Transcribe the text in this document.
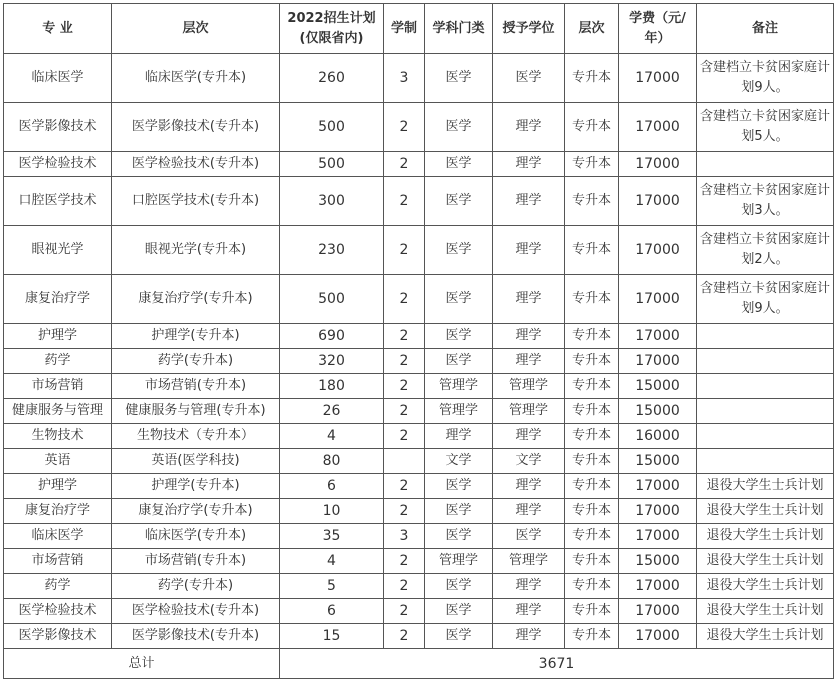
专 业	层次	2022招生计划(仅限省内)	学制	学科门类	授予学位	层次	学费（元/年）	备注
临床医学	临床医学(专升本)	260	3	医学	医学	专升本	17000	含建档立卡贫困家庭计划9人。
医学影像技术	医学影像技术(专升本)	500	2	医学	理学	专升本	17000	含建档立卡贫困家庭计划5人。
医学检验技术	医学检验技术(专升本)	500	2	医学	理学	专升本	17000	
口腔医学技术	口腔医学技术(专升本)	300	2	医学	理学	专升本	17000	含建档立卡贫困家庭计划3人。
眼视光学	眼视光学(专升本)	230	2	医学	理学	专升本	17000	含建档立卡贫困家庭计划2人。
康复治疗学	康复治疗学(专升本)	500	2	医学	理学	专升本	17000	含建档立卡贫困家庭计划9人。
护理学	护理学(专升本)	690	2	医学	理学	专升本	17000	
药学	药学(专升本)	320	2	医学	理学	专升本	17000	
市场营销	市场营销(专升本)	180	2	管理学	管理学	专升本	15000	
健康服务与管理	健康服务与管理(专升本)	26	2	管理学	管理学	专升本	15000	
生物技术	生物技术（专升本）	4	2	理学	理学	专升本	16000	
英语	英语(医学科技)	80		文学	文学	专升本	15000	
护理学	护理学(专升本)	6	2	医学	理学	专升本	17000	退役大学生士兵计划
康复治疗学	康复治疗学(专升本)	10	2	医学	理学	专升本	17000	退役大学生士兵计划
临床医学	临床医学(专升本)	35	3	医学	医学	专升本	17000	退役大学生士兵计划
市场营销	市场营销(专升本)	4	2	管理学	管理学	专升本	15000	退役大学生士兵计划
药学	药学(专升本)	5	2	医学	理学	专升本	17000	退役大学生士兵计划
医学检验技术	医学检验技术(专升本)	6	2	医学	理学	专升本	17000	退役大学生士兵计划
医学影像技术	医学影像技术(专升本)	15	2	医学	理学	专升本	17000	退役大学生士兵计划
总计		3671						
